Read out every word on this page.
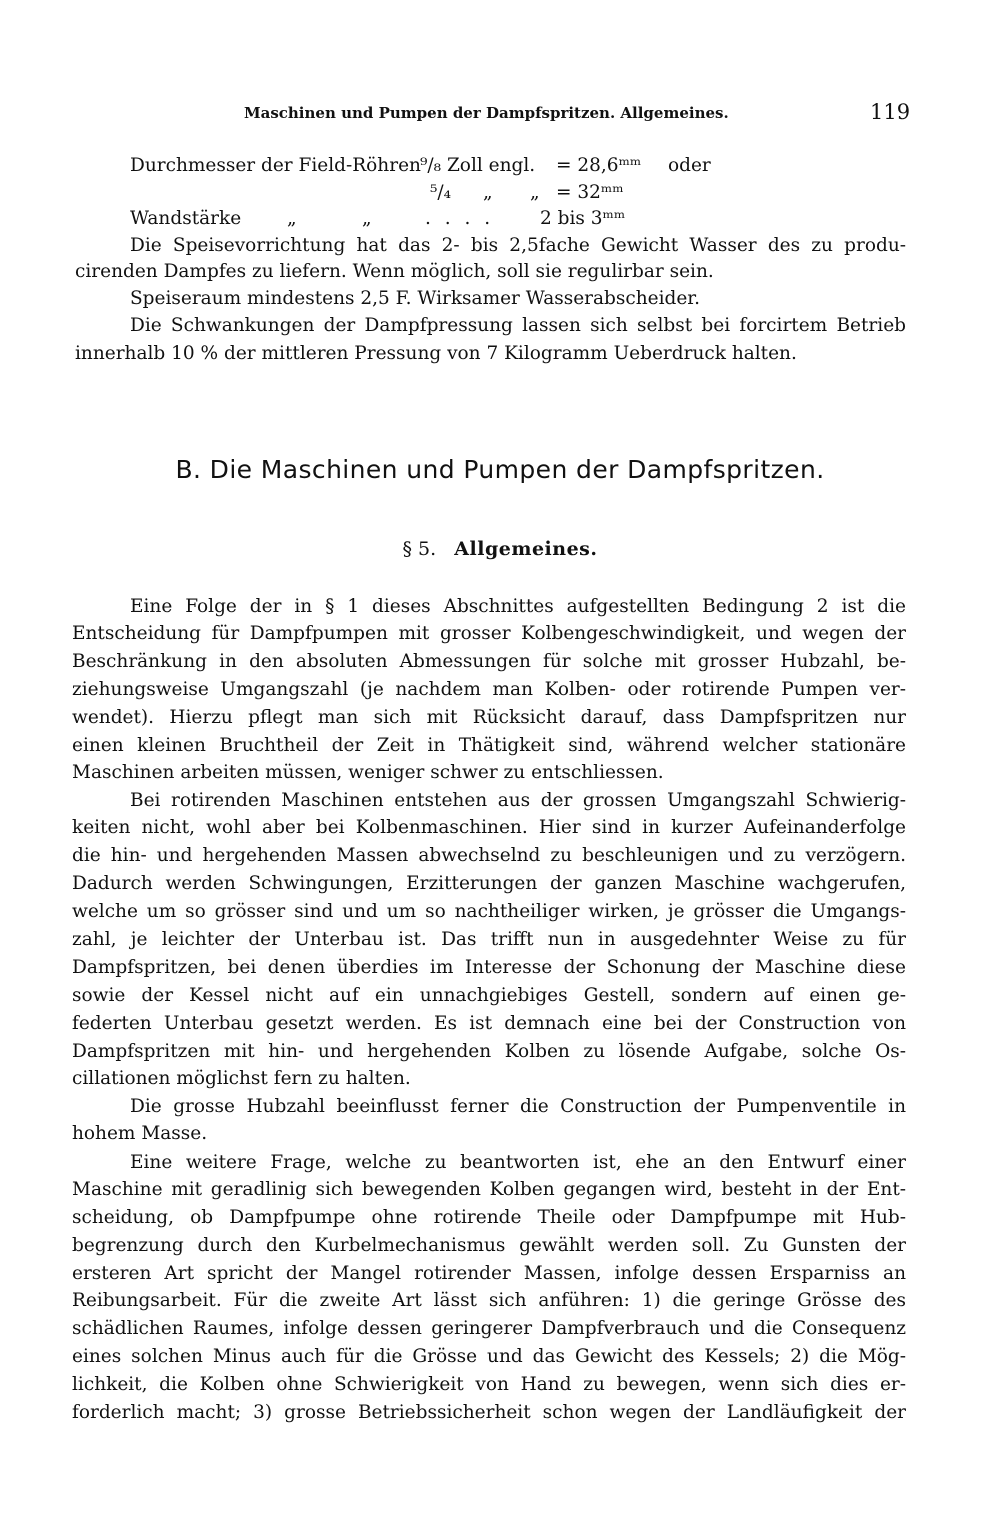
Maschinen und Pumpen der Dampfspritzen. Allgemeines.	119
Durchmesser der Field-Röhren ⁹/₈ Zoll engl. = 28,6ᵐᵐ oder
⁵/₄ „ „ = 32ᵐᵐ
Wandstärke „	„	. . . . 2 bis 3ᵐᵐ
Die Speisevorrichtung hat das 2- bis 2,5fache Gewicht Wasser des zu produ-
cirenden Dampfes zu liefern. Wenn möglich, soll sie regulirbar sein.
Speiseraum mindestens 2,5 F. Wirksamer Wasserabscheider.
Die Schwankungen der Dampfpressung lassen sich selbst bei forcirtem Betrieb
innerhalb 10 % der mittleren Pressung von 7 Kilogramm Ueberdruck halten.
B. Die Maschinen und Pumpen der Dampfspritzen.
§ 5. Allgemeines.
Eine Folge der in § 1 dieses Abschnittes aufgestellten Bedingung 2 ist die
Entscheidung für Dampfpumpen mit grosser Kolbengeschwindigkeit, und wegen der
Beschränkung in den absoluten Abmessungen für solche mit grosser Hubzahl, be-
ziehungsweise Umgangszahl (je nachdem man Kolben- oder rotirende Pumpen ver-
wendet). Hierzu pflegt man sich mit Rücksicht darauf, dass Dampfspritzen nur
einen kleinen Bruchtheil der Zeit in Thätigkeit sind, während welcher stationäre
Maschinen arbeiten müssen, weniger schwer zu entschliessen.
Bei rotirenden Maschinen entstehen aus der grossen Umgangszahl Schwierig-
keiten nicht, wohl aber bei Kolbenmaschinen. Hier sind in kurzer Aufeinanderfolge
die hin- und hergehenden Massen abwechselnd zu beschleunigen und zu verzögern.
Dadurch werden Schwingungen, Erzitterungen der ganzen Maschine wachgerufen,
welche um so grösser sind und um so nachtheiliger wirken, je grösser die Umgangs-
zahl, je leichter der Unterbau ist. Das trifft nun in ausgedehnter Weise zu für
Dampfspritzen, bei denen überdies im Interesse der Schonung der Maschine diese
sowie der Kessel nicht auf ein unnachgiebiges Gestell, sondern auf einen ge-
federten Unterbau gesetzt werden. Es ist demnach eine bei der Construction von
Dampfspritzen mit hin- und hergehenden Kolben zu lösende Aufgabe, solche Os-
cillationen möglichst fern zu halten.
Die grosse Hubzahl beeinflusst ferner die Construction der Pumpenventile in
hohem Masse.
Eine weitere Frage, welche zu beantworten ist, ehe an den Entwurf einer
Maschine mit geradlinig sich bewegenden Kolben gegangen wird, besteht in der Ent-
scheidung, ob Dampfpumpe ohne rotirende Theile oder Dampfpumpe mit Hub-
begrenzung durch den Kurbelmechanismus gewählt werden soll. Zu Gunsten der
ersteren Art spricht der Mangel rotirender Massen, infolge dessen Ersparniss an
Reibungsarbeit. Für die zweite Art lässt sich anführen: 1) die geringe Grösse des
schädlichen Raumes, infolge dessen geringerer Dampfverbrauch und die Consequenz
eines solchen Minus auch für die Grösse und das Gewicht des Kessels; 2) die Mög-
lichkeit, die Kolben ohne Schwierigkeit von Hand zu bewegen, wenn sich dies er-
forderlich macht; 3) grosse Betriebssicherheit schon wegen der Landläufigkeit der
